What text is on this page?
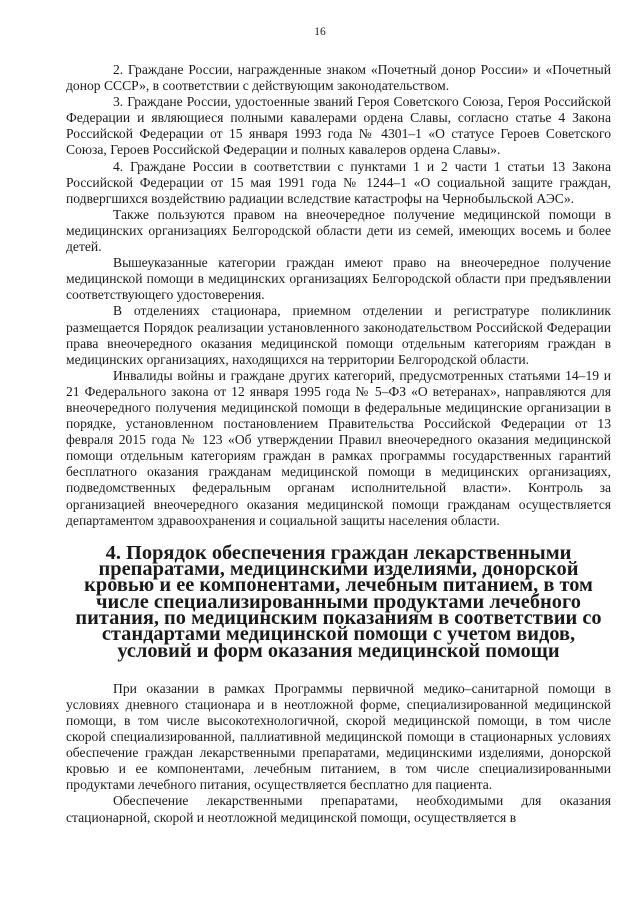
16

2. Граждане России, награжденные знаком «Почетный донор России» и «Почетный донор СССР», в соответствии с действующим законодательством.

3. Граждане России, удостоенные званий Героя Советского Союза, Героя Российской Федерации и являющиеся полными кавалерами ордена Славы, согласно статье 4 Закона Российской Федерации от 15 января 1993 года № 4301–1 «О статусе Героев Советского Союза, Героев Российской Федерации и полных кавалеров ордена Славы».

4. Граждане России в соответствии с пунктами 1 и 2 части 1 статьи 13 Закона Российской Федерации от 15 мая 1991 года № 1244–1 «О социальной защите граждан, подвергшихся воздействию радиации вследствие катастрофы на Чернобыльской АЭС».

Также пользуются правом на внеочередное получение медицинской помощи в медицинских организациях Белгородской области дети из семей, имеющих восемь и более детей.

Вышеуказанные категории граждан имеют право на внеочередное получение медицинской помощи в медицинских организациях Белгородской области при предъявлении соответствующего удостоверения.

В отделениях стационара, приемном отделении и регистратуре поликлиник размещается Порядок реализации установленного законодательством Российской Федерации права внеочередного оказания медицинской помощи отдельным категориям граждан в медицинских организациях, находящихся на территории Белгородской области.

Инвалиды войны и граждане других категорий, предусмотренных статьями 14–19 и 21 Федерального закона от 12 января 1995 года № 5–ФЗ «О ветеранах», направляются для внеочередного получения медицинской помощи в федеральные медицинские организации в порядке, установленном постановлением Правительства Российской Федерации от 13 февраля 2015 года № 123 «Об утверждении Правил внеочередного оказания медицинской помощи отдельным категориям граждан в рамках программы государственных гарантий бесплатного оказания гражданам медицинской помощи в медицинских организациях, подведомственных федеральным органам исполнительной власти». Контроль за организацией внеочередного оказания медицинской помощи гражданам осуществляется департаментом здравоохранения и социальной защиты населения области.

4. Порядок обеспечения граждан лекарственными препаратами, медицинскими изделиями, донорской кровью и ее компонентами, лечебным питанием, в том числе специализированными продуктами лечебного питания, по медицинским показаниям в соответствии со стандартами медицинской помощи с учетом видов, условий и форм оказания медицинской помощи

При оказании в рамках Программы первичной медико–санитарной помощи в условиях дневного стационара и в неотложной форме, специализированной медицинской помощи, в том числе высокотехнологичной, скорой медицинской помощи, в том числе скорой специализированной, паллиативной медицинской помощи в стационарных условиях обеспечение граждан лекарственными препаратами, медицинскими изделиями, донорской кровью и ее компонентами, лечебным питанием, в том числе специализированными продуктами лечебного питания, осуществляется бесплатно для пациента.

Обеспечение лекарственными препаратами, необходимыми для оказания стационарной, скорой и неотложной медицинской помощи, осуществляется в
